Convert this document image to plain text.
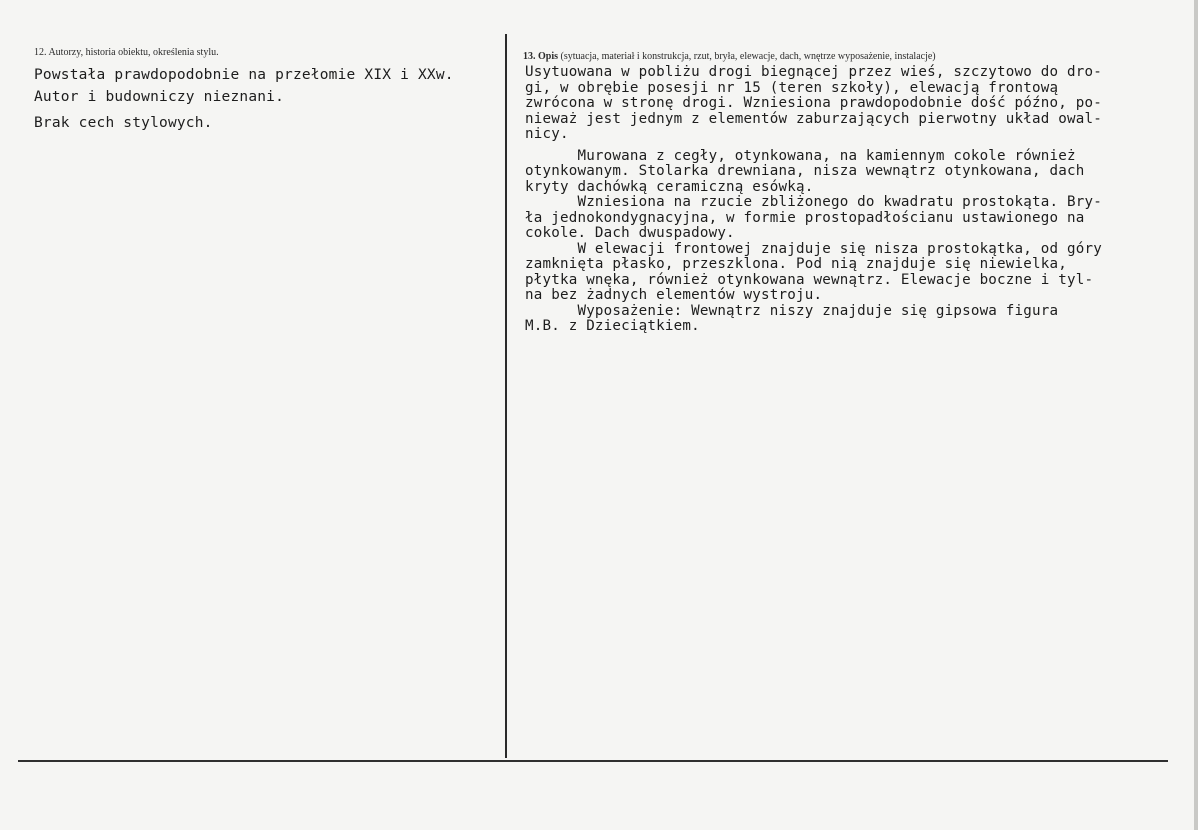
12. Autorzy, historia obiektu, określenia stylu.	13. Opis (sytuacja, materiał i konstrukcja, rzut, bryła, elewacje, dach, wnętrze wyposażenie, instalacje)
Powstała prawdopodobnie na przełomie XIX i XXw.
Autor i budowniczy nieznani.
Brak cech stylowych.
Usytuowana w pobliżu drogi biegnącej przez wieś, szczytowo do dro-
gi, w obrębie posesji nr 15 (teren szkoły), elewacją frontową
zwrócona w stronę drogi. Wzniesiona prawdopodobnie dość późno, po-
nieważ jest jednym z elementów zaburzających pierwotny układ owal-
nicy.
Murowana z cegły, otynkowana, na kamiennym cokole również
otynkowanym. Stolarka drewniana, nisza wewnątrz otynkowana, dach
kryty dachówką ceramiczną esówką.
Wzniesiona na rzucie zbliżonego do kwadratu prostokąta. Bry-
ła jednokondygnacyjna, w formie prostopadłościanu ustawionego na
cokole. Dach dwuspadowy.
W elewacji frontowej znajduje się nisza prostokątka, od góry
zamknięta płasko, przeszklona. Pod nią znajduje się niewielka,
płytka wnęka, również otynkowana wewnątrz. Elewacje boczne i tyl-
na bez żadnych elementów wystroju.
Wyposażenie: Wewnątrz niszy znajduje się gipsowa figura
M.B. z Dzieciątkiem.
